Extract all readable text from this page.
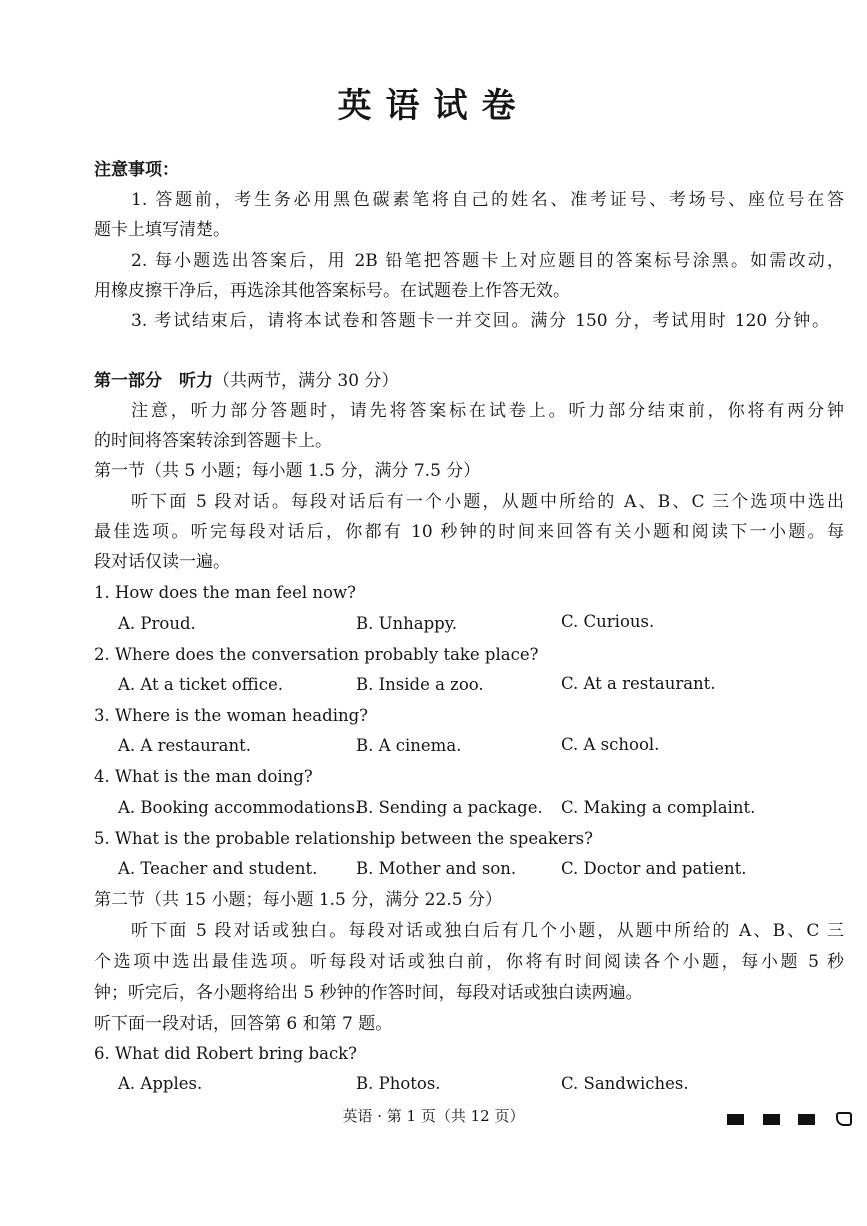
英语试卷
注意事项：
1. 答题前，考生务必用黑色碳素笔将自己的姓名、准考证号、考场号、座位号在答
题卡上填写清楚。
2. 每小题选出答案后，用 2B 铅笔把答题卡上对应题目的答案标号涂黑。如需改动，
用橡皮擦干净后，再选涂其他答案标号。在试题卷上作答无效。
3. 考试结束后，请将本试卷和答题卡一并交回。满分 150 分，考试用时 120 分钟。
第一部分　听力（共两节，满分 30 分）
注意，听力部分答题时，请先将答案标在试卷上。听力部分结束前，你将有两分钟
的时间将答案转涂到答题卡上。
第一节（共 5 小题；每小题 1.5 分，满分 7.5 分）
听下面 5 段对话。每段对话后有一个小题，从题中所给的 A、B、C 三个选项中选出
最佳选项。听完每段对话后，你都有 10 秒钟的时间来回答有关小题和阅读下一小题。每
段对话仅读一遍。
1. How does the man feel now?
A. Proud.	B. Unhappy.	C. Curious.
2. Where does the conversation probably take place?
A. At a ticket office.	B. Inside a zoo.	C. At a restaurant.
3. Where is the woman heading?
A. A restaurant.	B. A cinema.	C. A school.
4. What is the man doing?
A. Booking accommodations.
B. Sending a package. C. Making a complaint.
5. What is the probable relationship between the speakers?
A. Teacher and student. B. Mother and son.	C. Doctor and patient.
第二节（共 15 小题；每小题 1.5 分，满分 22.5 分）
听下面 5 段对话或独白。每段对话或独白后有几个小题，从题中所给的 A、B、C 三
个选项中选出最佳选项。听每段对话或独白前，你将有时间阅读各个小题，每小题 5 秒
钟；听完后，各小题将给出 5 秒钟的作答时间，每段对话或独白读两遍。
听下面一段对话，回答第 6 和第 7 题。
6. What did Robert bring back?
A. Apples.	B. Photos.	C. Sandwiches.
英语 · 第 1 页（共 12 页）
